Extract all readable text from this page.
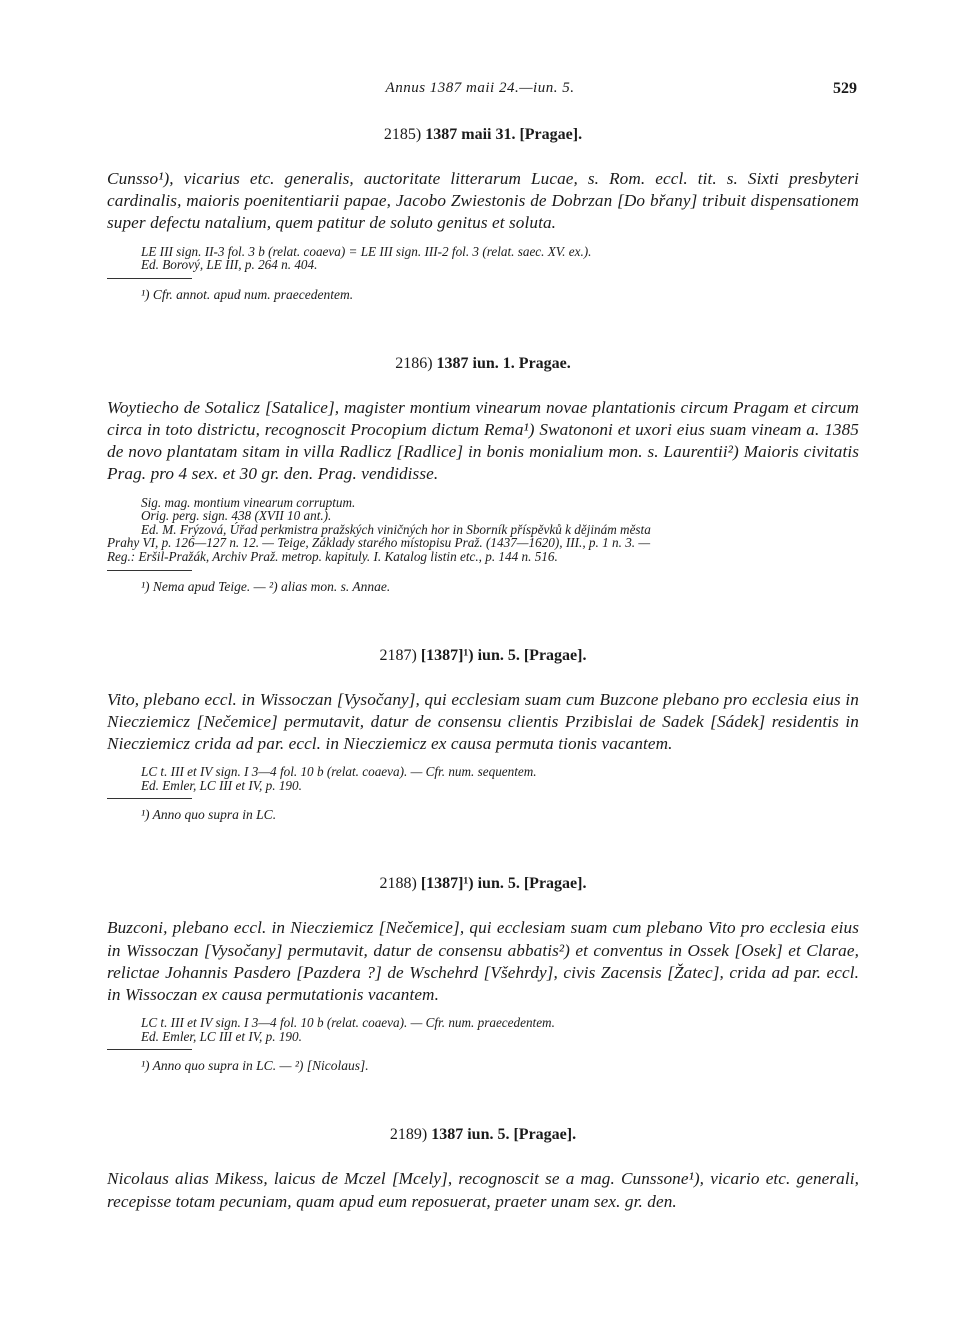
Annus 1387 maii 24.—iun. 5.	529
2185) 1387 maii 31. [Pragae].

Cunsso¹), vicarius etc. generalis, auctoritate litterarum Lucae, s. Rom. eccl. tit. s. Sixti presbyteri cardinalis, maioris poenitentiarii papae, Jacobo Zwiestonis de Dobrzan [Do břany] tribuit dispensationem super defectu natalium, quem patitur de soluto genitus et soluta.

LE III sign. II-3 fol. 3 b (relat. coaeva) = LE III sign. III-2 fol. 3 (relat. saec. XV. ex.).
Ed. Borový, LE III, p. 264 n. 404.
¹) Cfr. annot. apud num. praecedentem.
2186) 1387 iun. 1. Pragae.

Woytiecho de Sotalicz [Satalice], magister montium vinearum novae plantationis circum Pragam et circum circa in toto districtu, recognoscit Procopium dictum Rema¹) Swatononi et uxori eius suam vineam a. 1385 de novo plantatam sitam in villa Radlicz [Radlice] in bonis monialium mon. s. Laurentii²) Maioris civitatis Prag. pro 4 sex. et 30 gr. den. Prag. vendidisse.

Sig. mag. montium vinearum corruptum.
Orig. perg. sign. 438 (XVII 10 ant.).
Ed. M. Frýzová, Úřad perkmistra pražských viničných hor in Sborník příspěvků k dějinám města
Prahy VI, p. 126—127 n. 12. — Teige, Základy starého místopisu Praž. (1437—1620), III., p. 1 n. 3. —
Reg.: Eršil-Pražák, Archiv Praž. metrop. kapituly. I. Katalog listin etc., p. 144 n. 516.
¹) Nema apud Teige. — ²) alias mon. s. Annae.
2187) [1387]¹) iun. 5. [Pragae].

Vito, plebano eccl. in Wissoczan [Vysočany], qui ecclesiam suam cum Buzcone plebano pro ecclesia eius in Niecziemicz [Nečemice] permutavit, datur de consensu clientis Przibislai de Sadek [Sádek] residentis in Niecziemicz crida ad par. eccl. in Niecziemicz ex causa permuta tionis vacantem.

LC t. III et IV sign. I 3—4 fol. 10 b (relat. coaeva). — Cfr. num. sequentem.
Ed. Emler, LC III et IV, p. 190.
¹) Anno quo supra in LC.
2188) [1387]¹) iun. 5. [Pragae].

Buzconi, plebano eccl. in Niecziemicz [Nečemice], qui ecclesiam suam cum plebano Vito pro ecclesia eius in Wissoczan [Vysočany] permutavit, datur de consensu abbatis²) et conventus in Ossek [Osek] et Clarae, relictae Johannis Pasdero [Pazdera ?] de Wschehrd [Všehrdy], civis Zacensis [Žatec], crida ad par. eccl. in Wissoczan ex causa permutationis vacantem.

LC t. III et IV sign. I 3—4 fol. 10 b (relat. coaeva). — Cfr. num. praecedentem.
Ed. Emler, LC III et IV, p. 190.
¹) Anno quo supra in LC. — ²) [Nicolaus].
2189) 1387 iun. 5. [Pragae].

Nicolaus alias Mikess, laicus de Mczel [Mcely], recognoscit se a mag. Cunssone¹), vicario etc. generali, recepisse totam pecuniam, quam apud eum reposuerat, praeter unam sex. gr. den.
